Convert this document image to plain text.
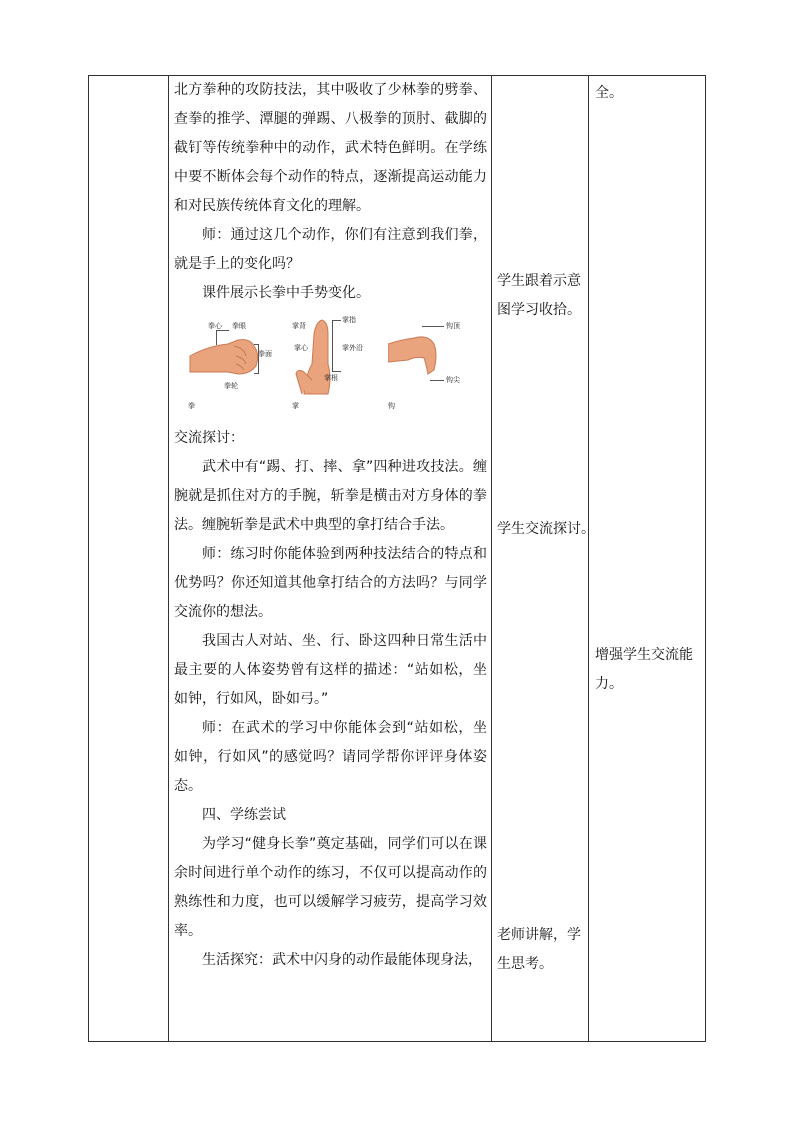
北方拳种的攻防技法，其中吸收了少林拳的劈拳、查拳的推学、潭腿的弹踢、八极拳的顶肘、截脚的截钉等传统拳种中的动作，武术特色鲜明。在学练中要不断体会每个动作的特点，逐渐提高运动能力和对民族传统体育文化的理解。

师：通过这几个动作，你们有注意到我们拳，就是手上的变化吗？

课件展示长拳中手势变化。

拳心 拳眼
拳面
拳轮
拳
掌背
掌指
掌心	掌外沿
掌根
掌
钩顶
钩尖
钩

交流探讨：

武术中有“踢、打、摔、拿”四种进攻技法。缠腕就是抓住对方的手腕，斩拳是横击对方身体的拳法。缠腕斩拳是武术中典型的拿打结合手法。

师：练习时你能体验到两种技法结合的特点和优势吗？你还知道其他拿打结合的方法吗？与同学交流你的想法。

我国古人对站、坐、行、卧这四种日常生活中最主要的人体姿势曾有这样的描述：“站如松，坐如钟，行如风，卧如弓。”

师：在武术的学习中你能体会到“站如松，坐如钟，行如风”的感觉吗？请同学帮你评评身体姿态。

四、学练尝试

为学习“健身长拳”奠定基础，同学们可以在课余时间进行单个动作的练习，不仅可以提高动作的熟练性和力度，也可以缓解学习疲劳，提高学习效率。

生活探究：武术中闪身的动作最能体现身法，

学生跟着示意图学习收拾。

学生交流探讨。

老师讲解，学生思考。

全。

增强学生交流能力。
